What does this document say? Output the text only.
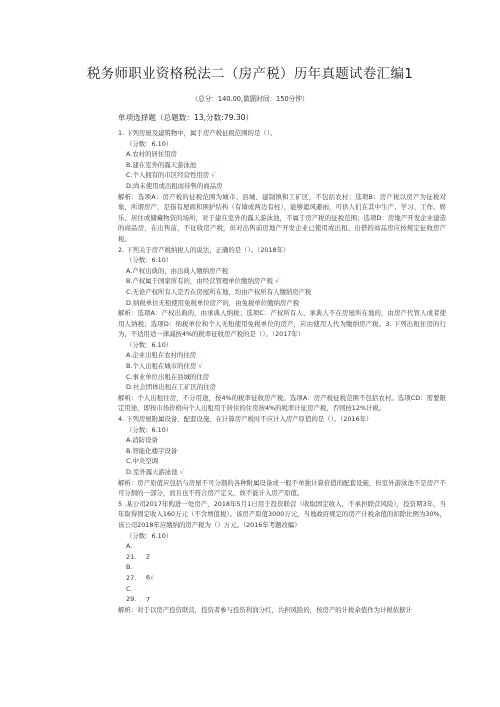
税务师职业资格税法二（房产税）历年真题试卷汇编1
（总分：140.00,做题时间：150分钟）
单项选择题（总题数：13,分数:79.30）

1. 下列房屋及建筑物中，属于房产税征税范围的是（）。

（分数：6.10）

A.农村的居住用房

B.建在室外的露天游泳池

C.个人拥有的市区经营性用房 √

D.尚未使用或出租而待售的商品房

解析：选项A：房产税的征税范围为城市、县城、建制镇和工矿区，不包括农村；选项B：房产税以房产为征税对象，所谓房产，是指有屋面和围护结构（有墙或两边有柱），能够遮风避雨，可供人们在其中生产、学习、工作、娱乐、居住或储藏物资的场所，对于建在室外的露天游泳池，不属于房产税的征税范围；选项D：房地产开发企业建造的商品房，在出售前，不征收房产税，但对出售前房地产开发企业已使用或出租、出借的商品房应按规定征收房产税。

2. 下列关于房产税纳税人的说法，正确的是（）。（2018年）

（分数：6.10）

A.产权出典的，由出典人缴纳房产税

B.产权属于国家所有的，由经营管理单位缴纳房产税 √

C.无论产权所有人是否在房屋所在地，均由产权所有人缴纳房产税

D.纳税单位无租使用免税单位房产的，由免税单位缴纳房产税

解析：选项A：产权出典的，由承典人纳税；选项C：产权所有人、承典人不在房屋所在地的，由房产代管人或者使用人纳税；选项D：纳税单位和个人无租使用免税单位的房产，应由使用人代为缴纳房产税。3. 下列出租住房的行为，不适用适一律减按4%的税率征收房产税的是（）。（2017年）

（分数：6.10）

A.企业出租在农村的住房

B.个人出租在城市的住房 √

C.事业单位出租在县城的住房

D.社会团体出租在工矿区的住房

解析：个人出租住房，不分用途，按4%的税率征收房产税。选项A：房产税征税范围不包括农村。选项CD：需要限定用途，即按市场价格向个人出租用于居住的住房按4%的税率计征房产税，否则按12%计税。

4. 下列房屋附属设备、配套设施，在计算房产税时不应计入房产原值的是（）。（2016年）

（分数：6.10）

A.消防设备

B.智能化楼宇设备

C.中央空调

D.室外露天游泳池 √

解析：房产原值应包括与房屋不可分割的各种附属设备或一般不单独计算价值的配套设施，但室外游泳池不是房产不可分割的一部分，而且也不符合房产定义，故不能计入房产原值。

5 .某公司2017年购进一处房产，2018年5月1日用于投资联营（收取固定收入，不承担联营风险），投资期3年，当年取得固定收入160万元（不含增值税）。该房产原值3000万元，当地政府规定的房产计税余值的扣除比例为30%，该公司2018年应缴纳的房产税为（）万元。（2016年考题改编）

（分数：6.10）

A. 21. 2

B. 27. 6√

C. 29. 7

解析：对于以房产投资联营，投资者参与投资利润分红，共担风险的，按房产的计税余值作为计税依据计
